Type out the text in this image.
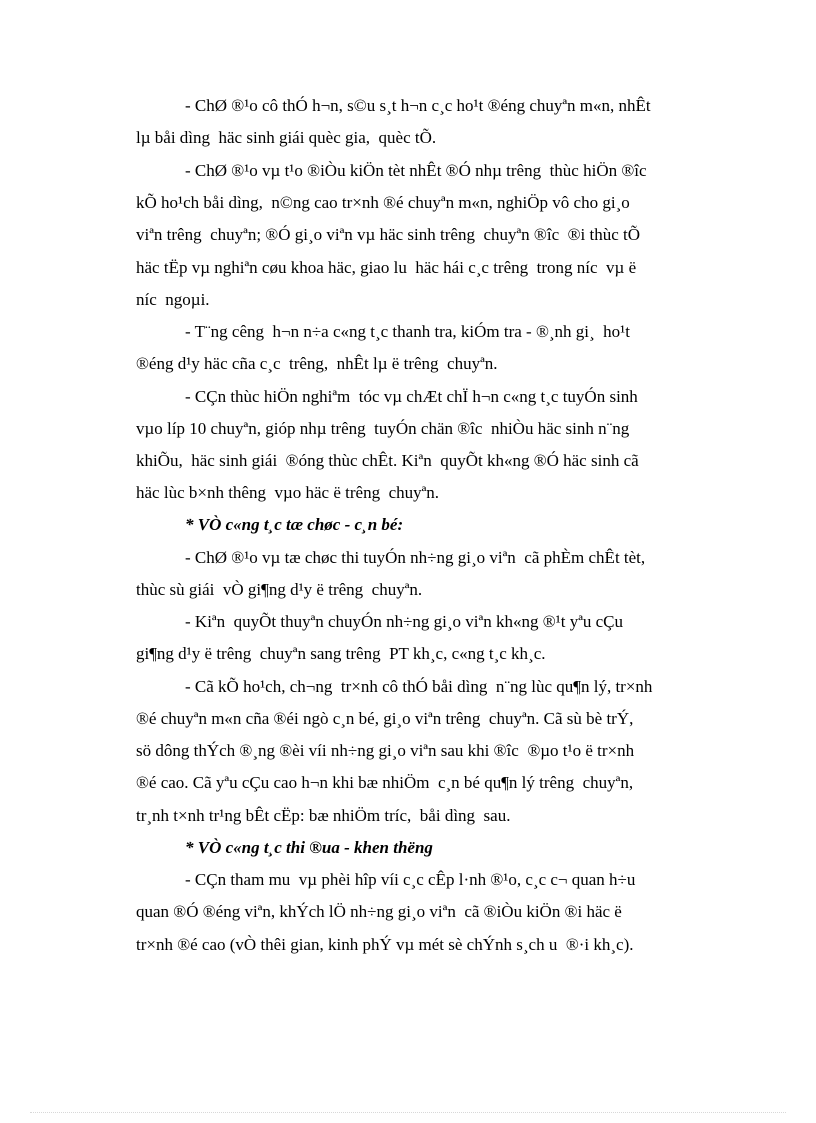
- ChØ ®¹o cô thÓ h¬n, s©u s¸t h¬n c¸c ho¹t ®éng chuyªn m«n, nhÊt
lµ båi dìng  häc sinh giái quèc gia,  quèc tÕ.
- ChØ ®¹o vµ t¹o ®iÒu kiÖn tèt nhÊt ®Ó nhµ trêng  thùc hiÖn ®îc
kÕ ho¹ch båi dìng,  n©ng cao tr×nh ®é chuyªn m«n, nghiÖp vô cho gi¸o
viªn trêng  chuyªn; ®Ó gi¸o viªn vµ häc sinh trêng  chuyªn ®îc  ®i thùc tÕ
häc tËp vµ nghiªn cøu khoa häc, giao lu  häc hái c¸c trêng  trong níc  vµ ë
níc  ngoµi.
- T¨ng cêng  h¬n n÷a c«ng t¸c thanh tra, kiÓm tra - ®¸nh gi¸  ho¹t
®éng d¹y häc cña c¸c  trêng,  nhÊt lµ ë trêng  chuyªn.
- CÇn thùc hiÖn nghiªm  tóc vµ chÆt chÏ h¬n c«ng t¸c tuyÓn sinh
vµo líp 10 chuyªn, gióp nhµ trêng  tuyÓn chän ®îc  nhiÒu häc sinh n¨ng
khiÕu,  häc sinh giái  ®óng thùc chÊt. Kiªn  quyÕt kh«ng ®Ó häc sinh cã
häc lùc b×nh thêng  vµo häc ë trêng  chuyªn.
* VÒ c«ng t¸c tæ chøc - c¸n bé:
- ChØ ®¹o vµ tæ chøc thi tuyÓn nh÷ng gi¸o viªn  cã phÈm chÊt tèt,
thùc sù giái  vÒ gi¶ng d¹y ë trêng  chuyªn.
- Kiªn  quyÕt thuyªn chuyÓn nh÷ng gi¸o viªn kh«ng ®¹t yªu cÇu
gi¶ng d¹y ë trêng  chuyªn sang trêng  PT kh¸c, c«ng t¸c kh¸c.
- Cã kÕ ho¹ch, ch¬ng  tr×nh cô thÓ båi dìng  n¨ng lùc qu¶n lý, tr×nh
®é chuyªn m«n cña ®éi ngò c¸n bé, gi¸o viªn trêng  chuyªn. Cã sù bè trÝ,
sö dông thÝch ®¸ng ®èi víi nh÷ng gi¸o viªn sau khi ®îc  ®µo t¹o ë tr×nh
®é cao. Cã yªu cÇu cao h¬n khi bæ nhiÖm  c¸n bé qu¶n lý trêng  chuyªn,
tr¸nh t×nh tr¹ng bÊt cËp: bæ nhiÖm tríc,  båi dìng  sau.
* VÒ c«ng t¸c thi ®ua - khen thëng
- CÇn tham mu  vµ phèi hîp víi c¸c cÊp l·nh ®¹o, c¸c c¬ quan h÷u
quan ®Ó ®éng viªn, khÝch lÖ nh÷ng gi¸o viªn  cã ®iÒu kiÖn ®i häc ë
tr×nh ®é cao (vÒ thêi gian, kinh phÝ vµ mét sè chÝnh s¸ch u  ®·i kh¸c).
